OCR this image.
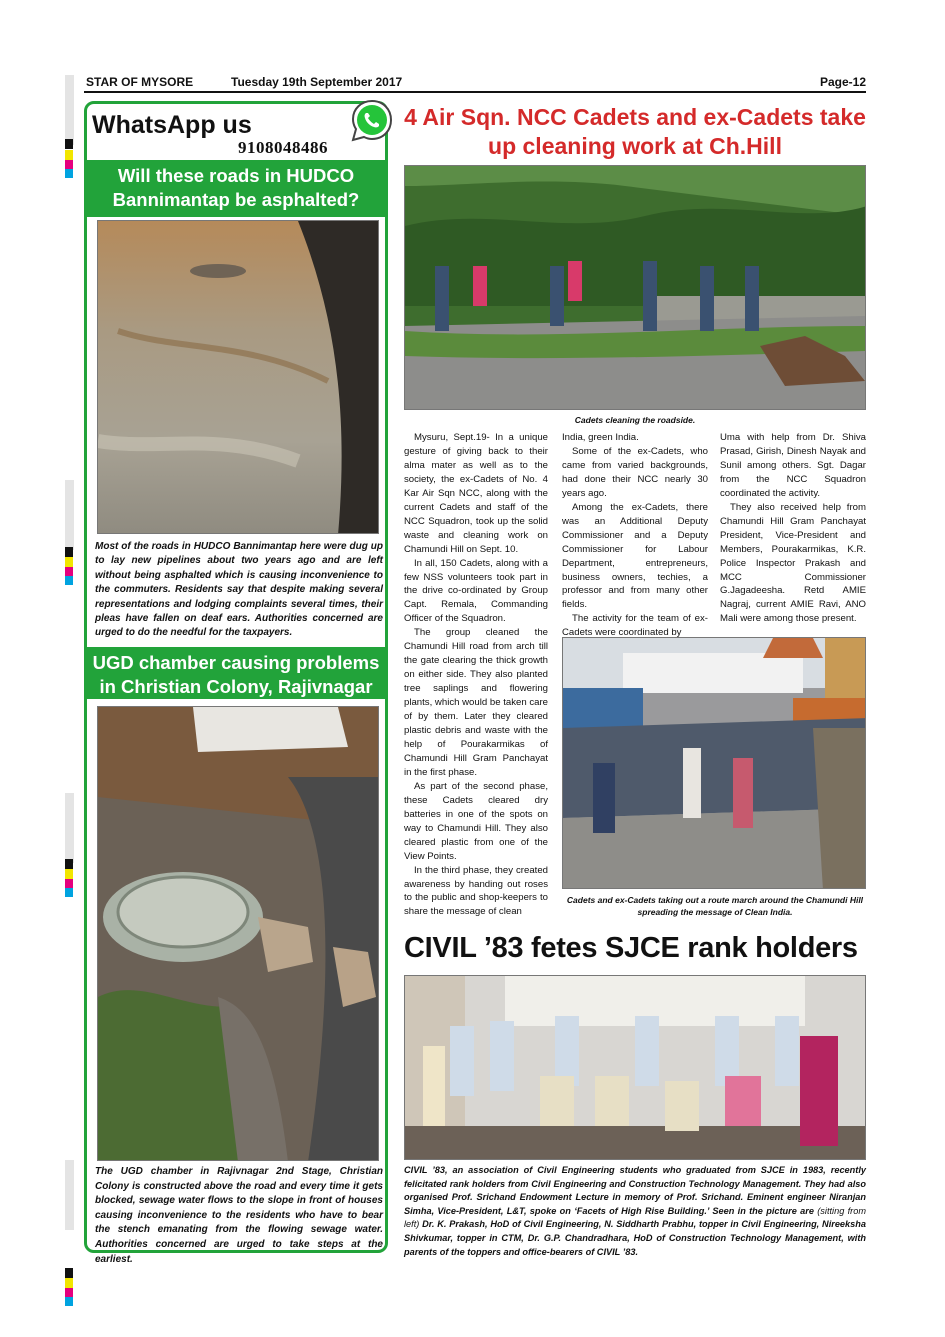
STAR OF MYSORE	Tuesday 19th September 2017	Page-12
WhatsApp us
9108048486
Will these roads in HUDCO Bannimantap be asphalted?
Most of the roads in HUDCO Bannimantap here were dug up to lay new pipelines about two years ago and are left without being asphalted which is causing inconvenience to the commuters. Residents say that despite making several representations and lodging complaints several times, their pleas have fallen on deaf ears. Authorities concerned are urged to do the needful for the taxpayers.
UGD chamber causing problems in Christian Colony, Rajivnagar
The UGD chamber in Rajivnagar 2nd Stage, Christian Colony is constructed above the road and every time it gets blocked, sewage water flows to the slope in front of houses causing inconvenience to the residents who have to bear the stench emanating from the flowing sewage water. Authorities concerned are urged to take steps at the earliest.
4 Air Sqn. NCC Cadets and ex-Cadets take up cleaning work at Ch.Hill
Cadets cleaning the roadside.

Mysuru, Sept.19- In a unique gesture of giving back to their alma mater as well as to the society, the ex-Cadets of No. 4 Kar Air Sqn NCC, along with the current Cadets and staff of the NCC Squadron, took up the solid waste and cleaning work on Chamundi Hill on Sept. 10.

In all, 150 Cadets, along with a few NSS volunteers took part in the drive co-ordinated by Group Capt. Remala, Commanding Officer of the Squadron.

The group cleaned the Chamundi Hill road from arch till the gate clearing the thick growth on either side. They also planted tree saplings and flowering plants, which would be taken care of by them. Later they cleared plastic debris and waste with the help of Pourakarmikas of Chamundi Hill Gram Panchayat in the first phase.

As part of the second phase, these Cadets cleared dry batteries in one of the spots on way to Chamundi Hill. They also cleared plastic from one of the View Points.

In the third phase, they created awareness by handing out roses to the public and shop-keepers to share the message of clean

India, green India.

Some of the ex-Cadets, who came from varied backgrounds, had done their NCC nearly 30 years ago.

Among the ex-Cadets, there was an Additional Deputy Commissioner and a Deputy Commissioner for Labour Department, entrepreneurs, business owners, techies, a professor and from many other fields.

The activity for the team of ex-Cadets were coordinated by

Uma with help from Dr. Shiva Prasad, Girish, Dinesh Nayak and Sunil among others. Sgt. Dagar from the NCC Squadron coordinated the activity.

They also received help from Chamundi Hill Gram Panchayat President, Vice-President and Members, Pourakarmikas, K.R. Police Inspector Prakash and MCC Commissioner G.Jagadeesha. Retd AMIE Nagraj, current AMIE Ravi, ANO Mali were among those present.

Cadets and ex-Cadets taking out a route march around the Chamundi Hill spreading the message of Clean India.
CIVIL ’83 fetes SJCE rank holders
CIVIL ’83, an association of Civil Engineering students who graduated from SJCE in 1983, recently felicitated rank holders from Civil Engineering and Construction Technology Management. They had also organised Prof. Srichand Endowment Lecture in memory of Prof. Srichand. Eminent engineer Niranjan Simha, Vice-President, L&T, spoke on ‘Facets of High Rise Building.’ Seen in the picture are (sitting from left) Dr. K. Prakash, HoD of Civil Engineering, N. Siddharth Prabhu, topper in Civil Engineering, Nireeksha Shivkumar, topper in CTM, Dr. G.P. Chandradhara, HoD of Construction Technology Management, with parents of the toppers and office-bearers of CIVIL ’83.
